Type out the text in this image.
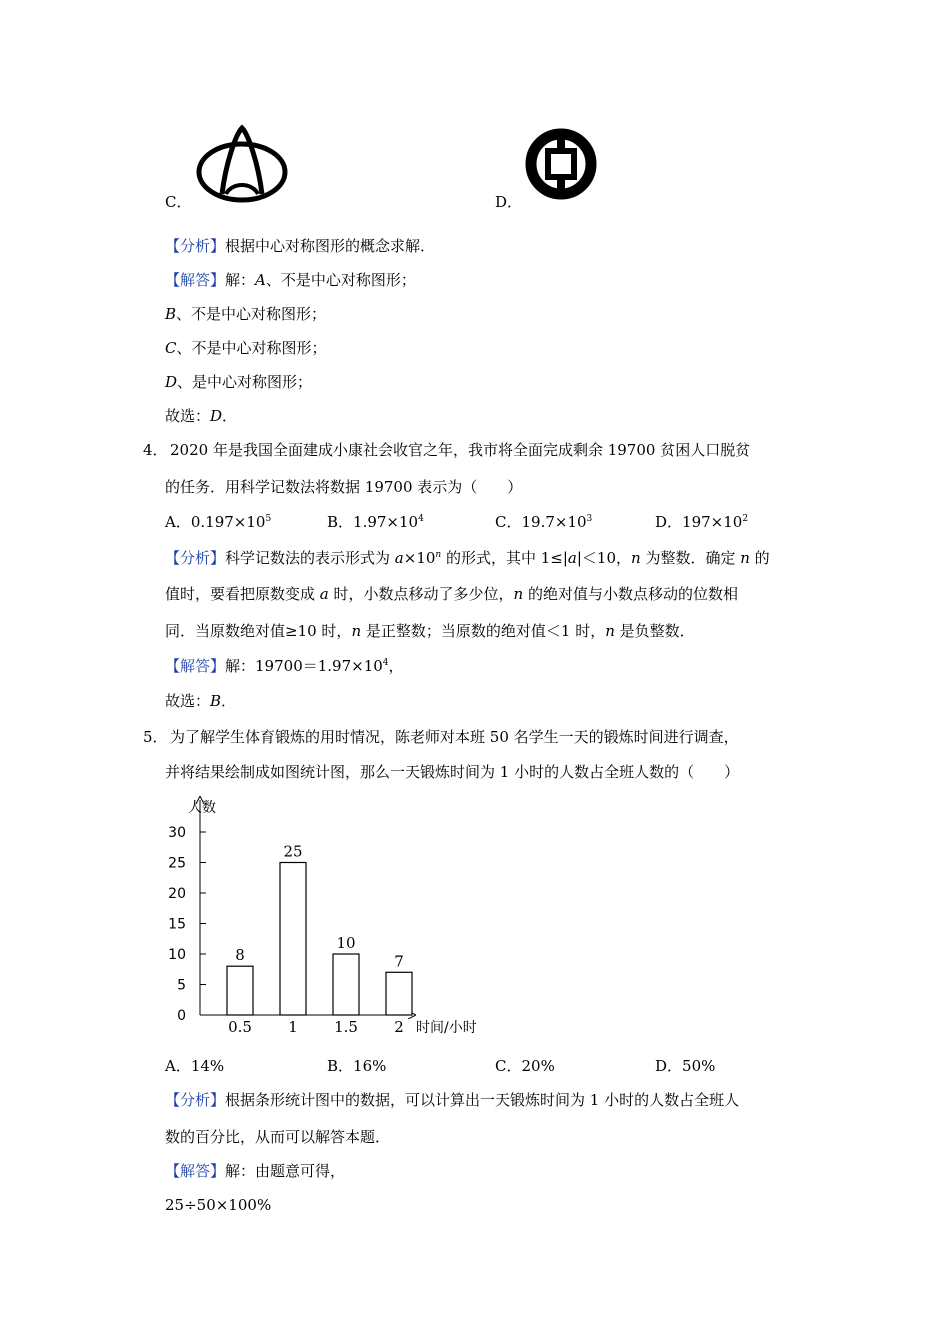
C．	D．
【分析】根据中心对称图形的概念求解．
【解答】解：A、不是中心对称图形；
B、不是中心对称图形；
C、不是中心对称图形；
D、是中心对称图形；
故选：D．
4． 2020 年是我国全面建成小康社会收官之年，我市将全面完成剩余 19700 贫困人口脱贫
的任务．用科学记数法将数据 19700 表示为（　　）
A．$0.197\times 10^5$	B．$1.97\times 10^4$	C．$19.7\times 10^3$	D．$197\times 10^2$
【分析】科学记数法的表示形式为 $a\times 10^n$ 的形式，其中 1≤|a|＜10，n 为整数．确定 n 的
值时，要看把原数变成 a 时，小数点移动了多少位，n 的绝对值与小数点移动的位数相
同．当原数绝对值≥10 时，n 是正整数；当原数的绝对值＜1 时，n 是负整数．
【解答】解：$19700=1.97\times 10^4$，
故选：B．
5． 为了解学生体育锻炼的用时情况，陈老师对本班 50 名学生一天的锻炼时间进行调查，
并将结果绘制成如图统计图，那么一天锻炼时间为 1 小时的人数占全班人数的（　　）
人数
时间/小时
0
5
10
15
20
25
30
8
0.5
25
1
10
1.5
7
2
A．14%	B．16%	C．20%	D．50%
【分析】根据条形统计图中的数据，可以计算出一天锻炼时间为 1 小时的人数占全班人
数的百分比，从而可以解答本题．
【解答】解：由题意可得，
25÷50×100%
